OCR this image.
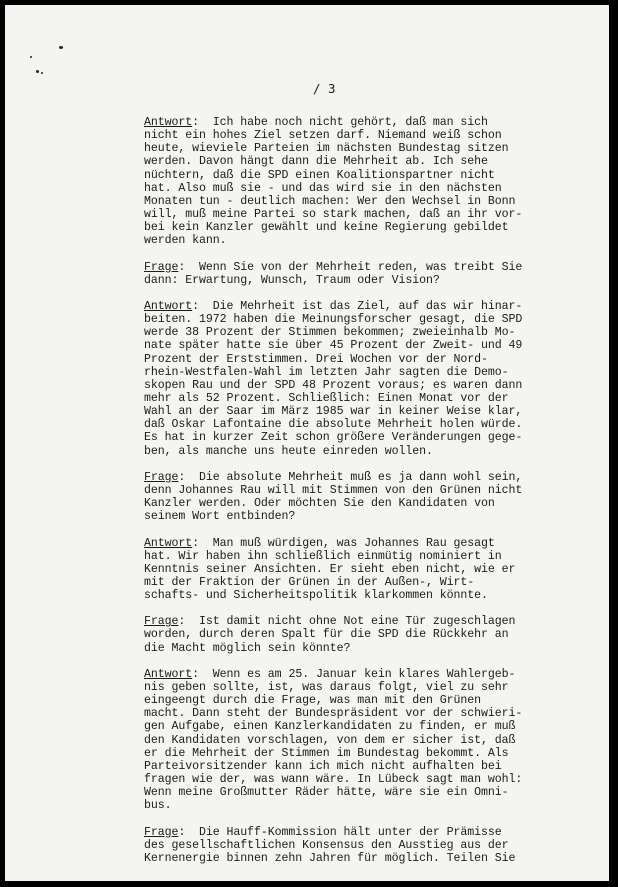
/ 3
Antwort:  Ich habe noch nicht gehört, daß man sich
nicht ein hohes Ziel setzen darf. Niemand weiß schon
heute, wieviele Parteien im nächsten Bundestag sitzen
werden. Davon hängt dann die Mehrheit ab. Ich sehe
nüchtern, daß die SPD einen Koalitionspartner nicht
hat. Also muß sie - und das wird sie in den nächsten
Monaten tun - deutlich machen: Wer den Wechsel in Bonn
will, muß meine Partei so stark machen, daß an ihr vor-
bei kein Kanzler gewählt und keine Regierung gebildet
werden kann.
Frage:  Wenn Sie von der Mehrheit reden, was treibt Sie
dann: Erwartung, Wunsch, Traum oder Vision?
Antwort:  Die Mehrheit ist das Ziel, auf das wir hinar-
beiten. 1972 haben die Meinungsforscher gesagt, die SPD
werde 38 Prozent der Stimmen bekommen; zweieinhalb Mo-
nate später hatte sie über 45 Prozent der Zweit- und 49
Prozent der Erststimmen. Drei Wochen vor der Nord-
rhein-Westfalen-Wahl im letzten Jahr sagten die Demo-
skopen Rau und der SPD 48 Prozent voraus; es waren dann
mehr als 52 Prozent. Schließlich: Einen Monat vor der
Wahl an der Saar im März 1985 war in keiner Weise klar,
daß Oskar Lafontaine die absolute Mehrheit holen würde.
Es hat in kurzer Zeit schon größere Veränderungen gege-
ben, als manche uns heute einreden wollen.
Frage:  Die absolute Mehrheit muß es ja dann wohl sein,
denn Johannes Rau will mit Stimmen von den Grünen nicht
Kanzler werden. Oder möchten Sie den Kandidaten von
seinem Wort entbinden?
Antwort:  Man muß würdigen, was Johannes Rau gesagt
hat. Wir haben ihn schließlich einmütig nominiert in
Kenntnis seiner Ansichten. Er sieht eben nicht, wie er
mit der Fraktion der Grünen in der Außen-, Wirt-
schafts- und Sicherheitspolitik klarkommen könnte.
Frage:  Ist damit nicht ohne Not eine Tür zugeschlagen
worden, durch deren Spalt für die SPD die Rückkehr an
die Macht möglich sein könnte?
Antwort:  Wenn es am 25. Januar kein klares Wahlergeb-
nis geben sollte, ist, was daraus folgt, viel zu sehr
eingeengt durch die Frage, was man mit den Grünen
macht. Dann steht der Bundespräsident vor der schwieri-
gen Aufgabe, einen Kanzlerkandidaten zu finden, er muß
den Kandidaten vorschlagen, von dem er sicher ist, daß
er die Mehrheit der Stimmen im Bundestag bekommt. Als
Parteivorsitzender kann ich mich nicht aufhalten bei
fragen wie der, was wann wäre. In Lübeck sagt man wohl:
Wenn meine Großmutter Räder hätte, wäre sie ein Omni-
bus.
Frage:  Die Hauff-Kommission hält unter der Prämisse
des gesellschaftlichen Konsensus den Ausstieg aus der
Kernenergie binnen zehn Jahren für möglich. Teilen Sie
